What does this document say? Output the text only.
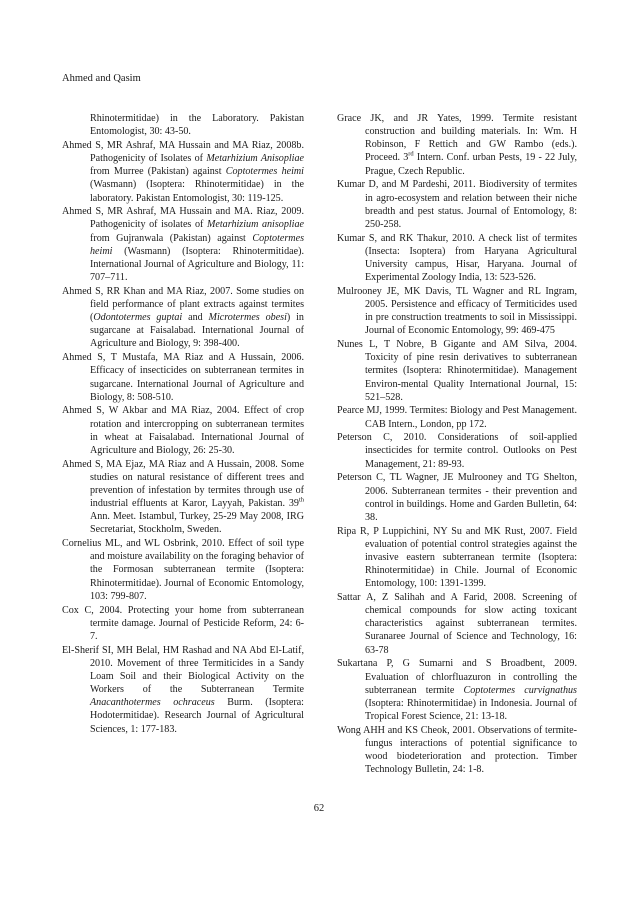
Ahmed and Qasim

Rhinotermitidae) in the Laboratory. Pakistan Entomologist, 30: 43-50.

Ahmed S, MR Ashraf, MA Hussain and MA Riaz, 2008b. Pathogenicity of Isolates of Metarhizium Anisopliae from Murree (Pakistan) against Coptotermes heimi (Wasmann) (Isoptera: Rhinotermitidae) in the laboratory. Pakistan Entomologist, 30: 119-125.

Ahmed S, MR Ashraf, MA Hussain and MA. Riaz, 2009. Pathogenicity of isolates of Metarhizium anisopliae from Gujranwala (Pakistan) against Coptotermes heimi (Wasmann) (Isoptera: Rhinotermitidae). International Journal of Agriculture and Biology, 11: 707–711.

Ahmed S, RR Khan and MA Riaz, 2007. Some studies on field performance of plant extracts against termites (Odontotermes guptai and Microtermes obesi) in sugarcane at Faisalabad. International Journal of Agriculture and Biology, 9: 398-400.

Ahmed S, T Mustafa, MA Riaz and A Hussain, 2006. Efficacy of insecticides on subterranean termites in sugarcane. International Journal of Agriculture and Biology, 8: 508-510.

Ahmed S, W Akbar and MA Riaz, 2004. Effect of crop rotation and intercropping on subterranean termites in wheat at Faisalabad. International Journal of Agriculture and Biology, 26: 25-30.

Ahmed S, MA Ejaz, MA Riaz and A Hussain, 2008. Some studies on natural resistance of different trees and prevention of infestation by termites through use of industrial effluents at Karor, Layyah, Pakistan. 39th Ann. Meet. Istambul, Turkey, 25-29 May 2008, IRG Secretariat, Stockholm, Sweden.

Cornelius ML, and WL Osbrink, 2010. Effect of soil type and moisture availability on the foraging behavior of the Formosan subterranean termite (Isoptera: Rhinotermitidae). Journal of Economic Entomology, 103: 799-807.

Cox C, 2004. Protecting your home from subterranean termite damage. Journal of Pesticide Reform, 24: 6-7.

El-Sherif SI, MH Belal, HM Rashad and NA Abd El-Latif, 2010. Movement of three Termiticides in a Sandy Loam Soil and their Biological Activity on the Workers of the Subterranean Termite Anacanthotermes ochraceus Burm. (Isoptera: Hodotermitidae). Research Journal of Agricultural Sciences, 1: 177-183.

Grace JK, and JR Yates, 1999. Termite resistant construction and building materials. In: Wm. H Robinson, F Rettich and GW Rambo (eds.). Proceed. 3rd Intern. Conf. urban Pests, 19 - 22 July, Prague, Czech Republic.

Kumar D, and M Pardeshi, 2011. Biodiversity of termites in agro-ecosystem and relation between their niche breadth and pest status. Journal of Entomology, 8: 250-258.

Kumar S, and RK Thakur, 2010. A check list of termites (Insecta: Isoptera) from Haryana Agricultural University campus, Hisar, Haryana. Journal of Experimental Zoology India, 13: 523-526.

Mulrooney JE, MK Davis, TL Wagner and RL Ingram, 2005. Persistence and efficacy of Termiticides used in pre construction treatments to soil in Mississippi. Journal of Economic Entomology, 99: 469-475

Nunes L, T Nobre, B Gigante and AM Silva, 2004. Toxicity of pine resin derivatives to subterranean termites (Isoptera: Rhinotermitidae). Management Environ-mental Quality International Journal, 15: 521–528.

Pearce MJ, 1999. Termites: Biology and Pest Management. CAB Intern., London, pp 172.

Peterson C, 2010. Considerations of soil-applied insecticides for termite control. Outlooks on Pest Management, 21: 89-93.

Peterson C, TL Wagner, JE Mulrooney and TG Shelton, 2006. Subterranean termites - their prevention and control in buildings. Home and Garden Bulletin, 64: 38.

Ripa R, P Luppichini, NY Su and MK Rust, 2007. Field evaluation of potential control strategies against the invasive eastern subterranean termite (Isoptera: Rhinotermitidae) in Chile. Journal of Economic Entomology, 100: 1391-1399.

Sattar A, Z Salihah and A Farid, 2008. Screening of chemical compounds for slow acting toxicant characteristics against subterranean termites. Suranaree Journal of Science and Technology, 16: 63-78

Sukartana P, G Sumarni and S Broadbent, 2009. Evaluation of chlorfluazuron in controlling the subterranean termite Coptotermes curvignathus (Isoptera: Rhinotermitidae) in Indonesia. Journal of Tropical Forest Science, 21: 13-18.

Wong AHH and KS Cheok, 2001. Observations of termite-fungus interactions of potential significance to wood biodeterioration and protection. Timber Technology Bulletin, 24: 1-8.

62
